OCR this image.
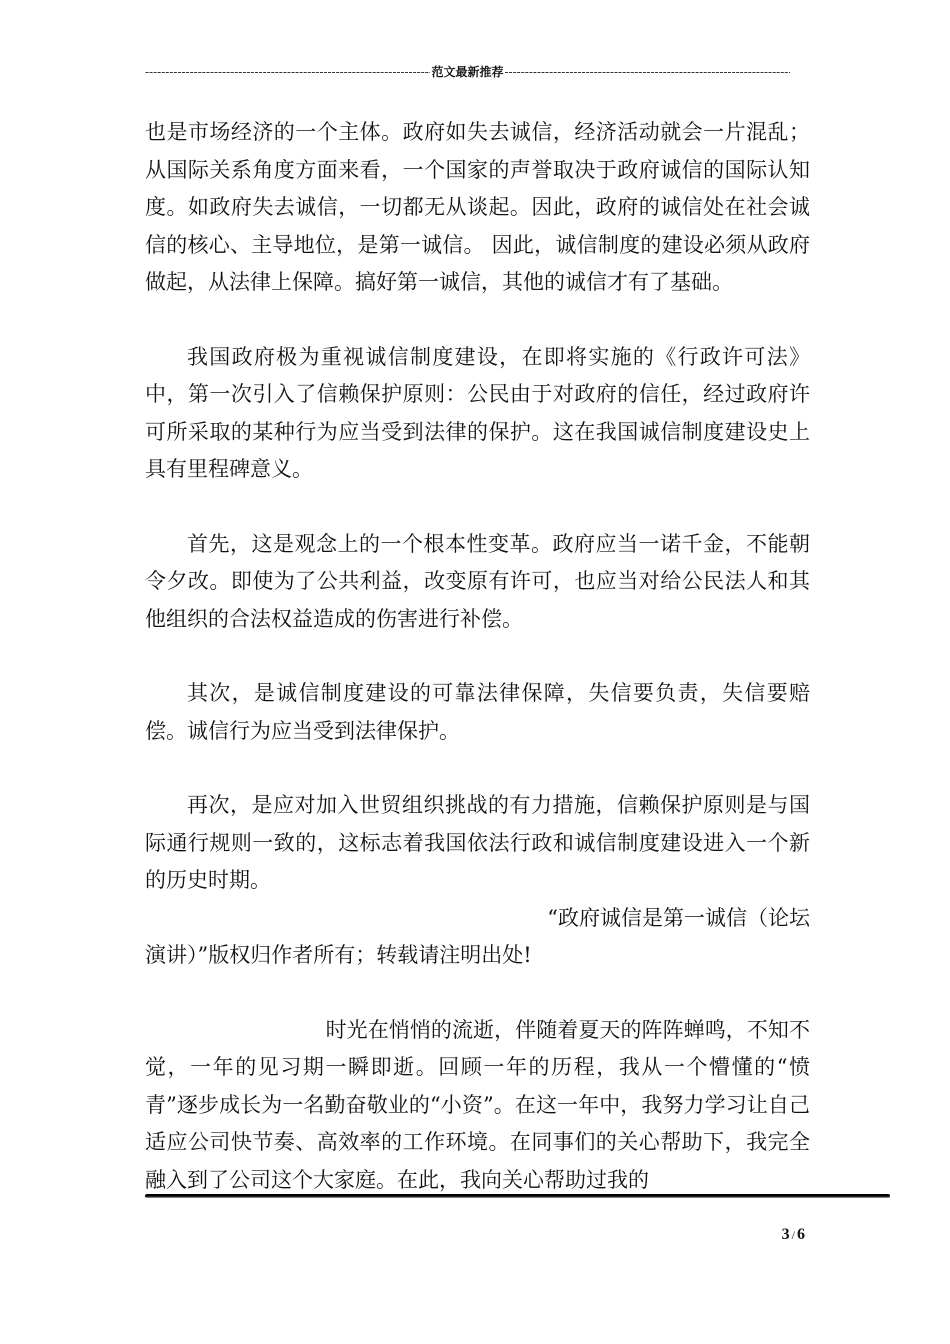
-----
范文最新推荐
-----

也是市场经济的一个主体。政府如失去诚信，经济活动就会一片混乱；从国际关系角度方面来看，一个国家的声誉取决于政府诚信的国际认知度。如政府失去诚信，一切都无从谈起。因此，政府的诚信处在社会诚信的核心、主导地位，是第一诚信。 因此，诚信制度的建设必须从政府做起，从法律上保障。搞好第一诚信，其他的诚信才有了基础。

我国政府极为重视诚信制度建设，在即将实施的《行政许可法》中，第一次引入了信赖保护原则：公民由于对政府的信任，经过政府许可所采取的某种行为应当受到法律的保护。这在我国诚信制度建设史上具有里程碑意义。

首先，这是观念上的一个根本性变革。政府应当一诺千金，不能朝令夕改。即使为了公共利益，改变原有许可，也应当对给公民法人和其他组织的合法权益造成的伤害进行补偿。

其次，是诚信制度建设的可靠法律保障，失信要负责，失信要赔偿。诚信行为应当受到法律保护。

再次，是应对加入世贸组织挑战的有力措施，信赖保护原则是与国际通行规则一致的，这标志着我国依法行政和诚信制度建设进入一个新的历史时期。

“政府诚信是第一诚信（论坛

演讲）”版权归作者所有；转载请注明出处!

时光在悄悄的流逝，伴随着夏天的阵阵蝉鸣，不知不觉，一年的见习期一瞬即逝。回顾一年的历程，我从一个懵懂的“愤青”逐步成长为一名勤奋敬业的“小资”。在这一年中，我努力学习让自己适应公司快节奏、高效率的工作环境。在同事们的关心帮助下，我完全融入到了公司这个大家庭。在此，我向关心帮助过我的

3 / 6
